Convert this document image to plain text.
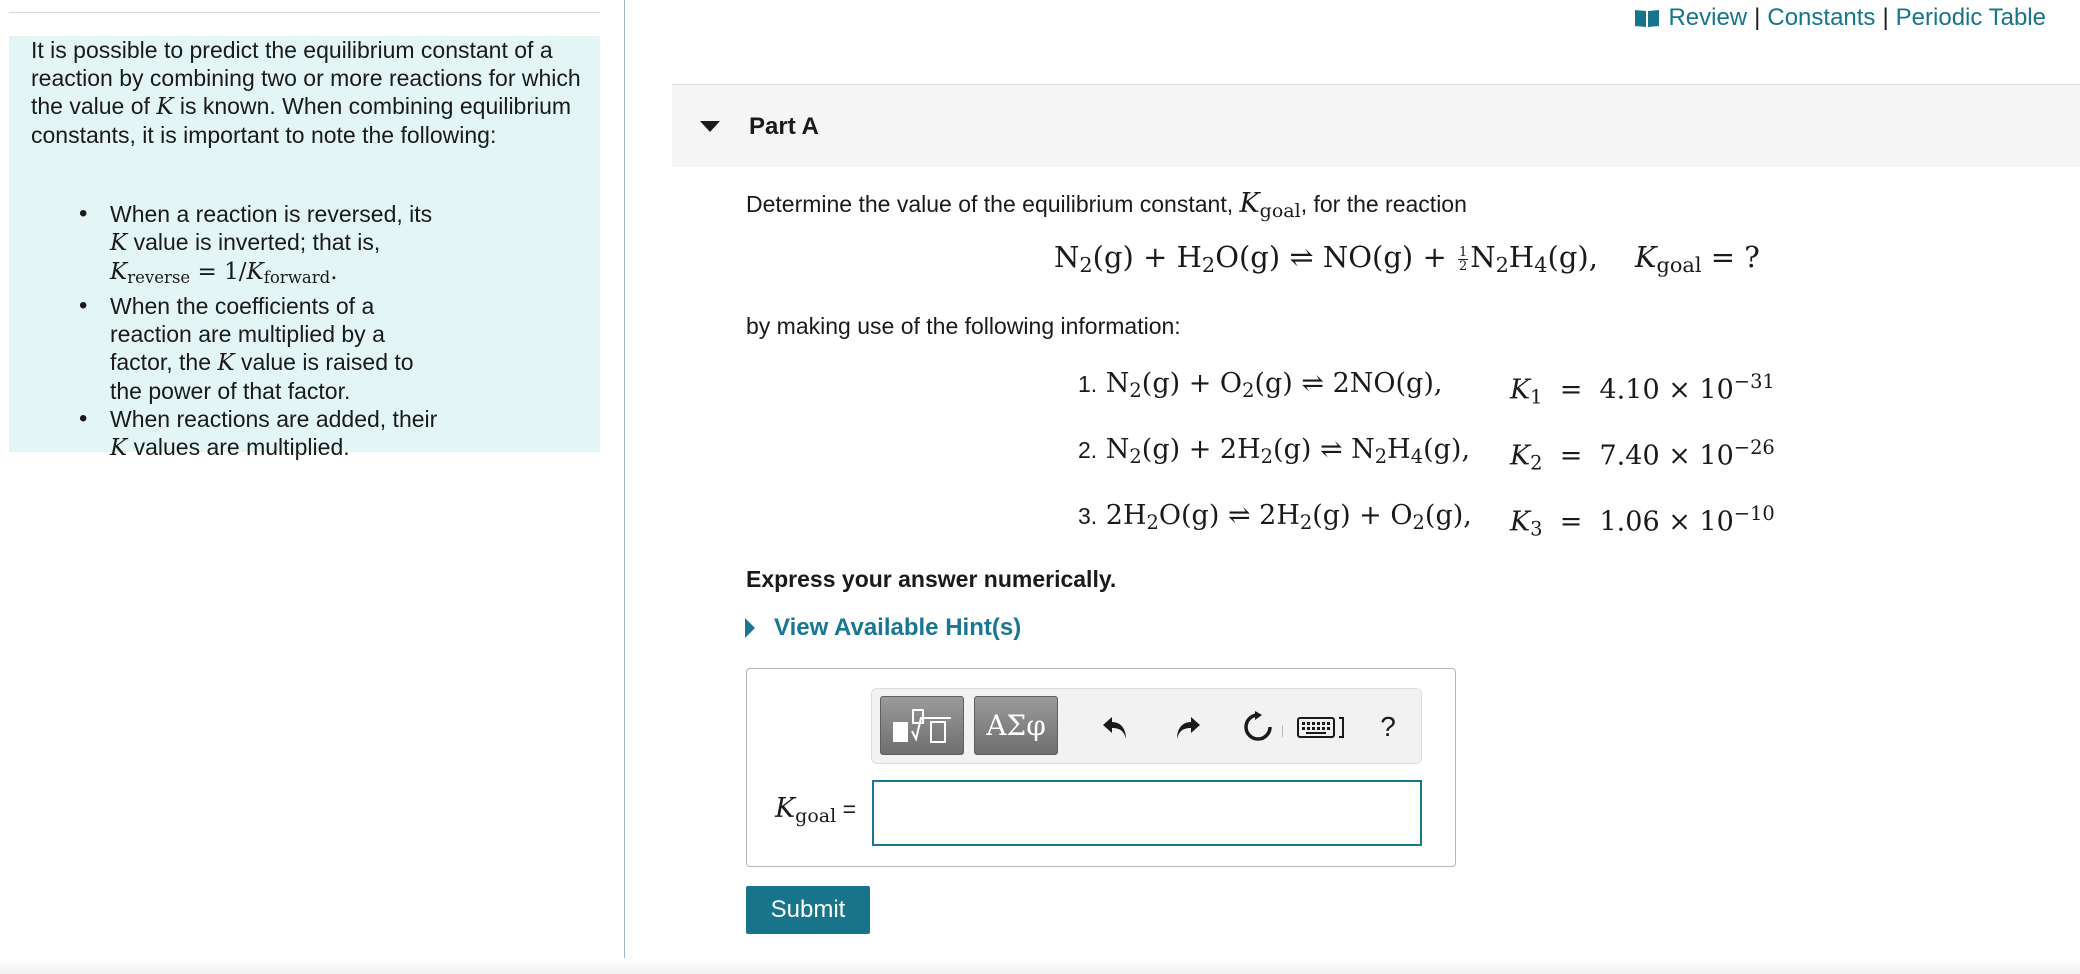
It is possible to predict the equilibrium constant of a reaction by combining two or more reactions for which the value of K is known. When combining equilibrium constants, it is important to note the following:
• When a reaction is reversed, its K value is inverted; that is,
$K_{reverse} = 1/K_{forward}$.
• When the coefficients of a reaction are multiplied by a factor, the K value is raised to the power of that factor.
• When reactions are added, their K values are multiplied.
Review | Constants | Periodic Table
Part A
Determine the value of the equilibrium constant, $K_{goal}$, for the reaction
$N_2(g) + H_2O(g)$ ⇌ $NO(g) + \frac{1}{2} N_2H_4(g)$,    $K_{goal}$ = ?
by making use of the following information:
1. $N_2(g) + O_2(g)$ ⇌ 2NO(g),	$K_1 = 4.10 \times 10^{-31}$
2. $N_2(g) + 2H_2(g)$ ⇌ $N_2H_4(g)$, $K_2 = 7.40 \times 10^{-26}$
3. $2H_2O(g)$ ⇌ $2H_2(g) + O_2(g)$, $K_3 = 1.06 \times 10^{-10}$
Express your answer numerically.
View Available Hint(s)
ΑΣφ	?
$K_{goal}$ =
Submit
